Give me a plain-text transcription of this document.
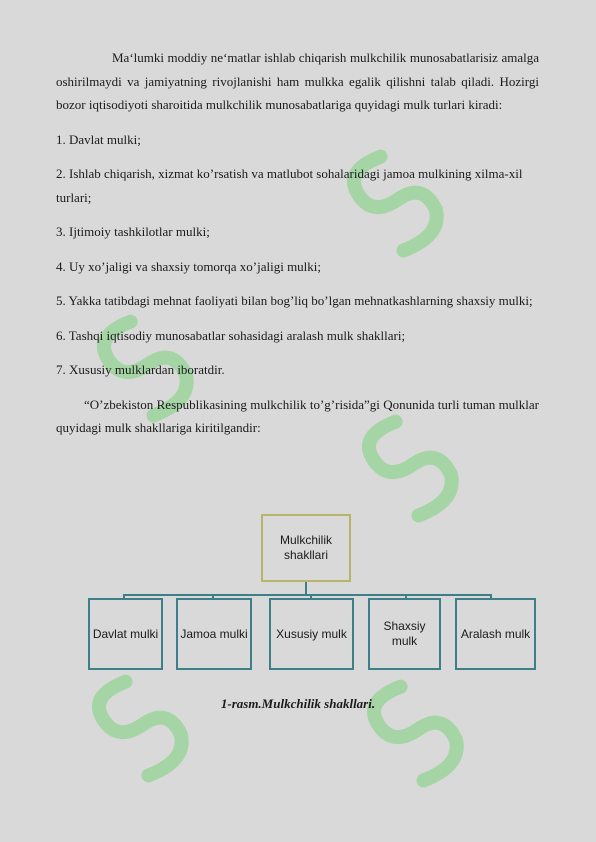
Ma‘lumki moddiy ne‘matlar ishlab chiqarish mulkchilik munosabatlarisiz amalga oshirilmaydi va jamiyatning rivojlanishi ham mulkka egalik qilishni talab qiladi. Hozirgi bozor iqtisodiyoti sharoitida mulkchilik munosabatlariga quyidagi mulk turlari kiradi:

1. Davlat mulki;

2. Ishlab chiqarish, xizmat ko’rsatish va matlubot sohalaridagi jamoa mulkining xilma-xil turlari;

3. Ijtimoiy tashkilotlar mulki;

4. Uy xo’jaligi va shaxsiy tomorqa xo’jaligi mulki;

5. Yakka tatibdagi mehnat faoliyati bilan bog’liq bo’lgan mehnatkashlarning shaxsiy mulki;

6. Tashqi iqtisodiy munosabatlar sohasidagi aralash mulk shakllari;

7. Xususiy mulklardan iboratdir.

“O’zbekiston Respublikasining mulkchilik to’g’risida”gi Qonunida turli tuman mulklar quyidagi mulk shakllariga kiritilgandir:

Mulkchilik shakllari
Davlat mulki	Jamoa mulki	Xususiy mulk
Shaxsiy mulk
Aralash mulk
1-rasm.Mulkchilik shakllari.
